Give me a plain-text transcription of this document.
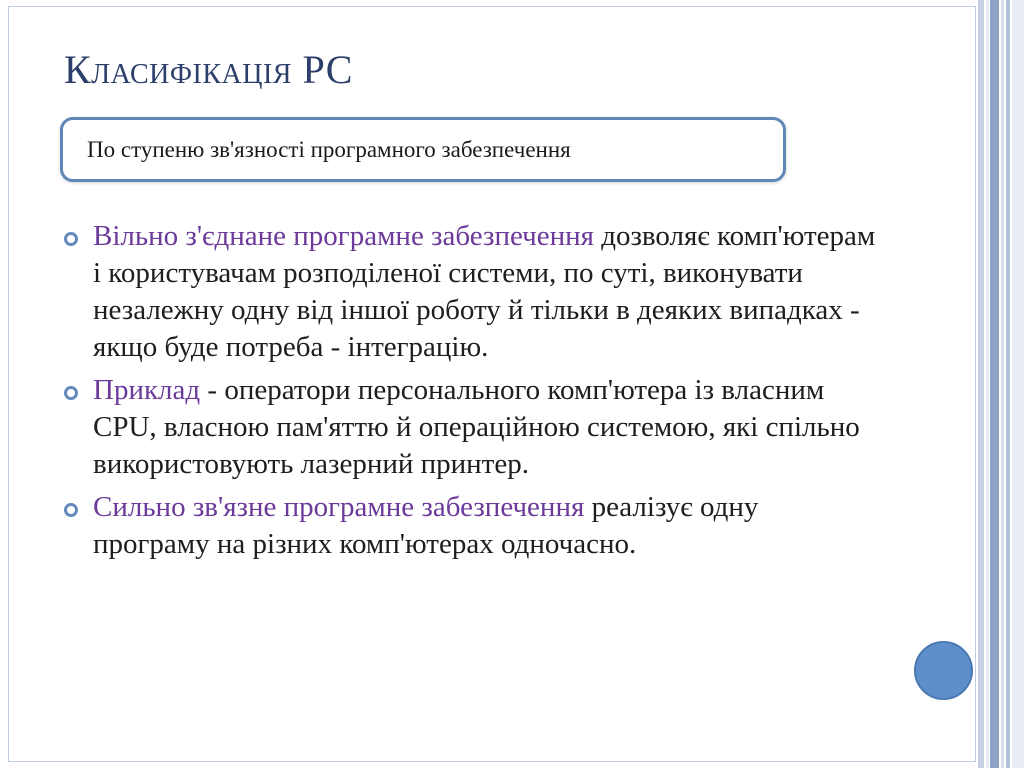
Класифікація РС
По ступеню зв'язності програмного забезпечення
Вільно з'єднане програмне забезпечення дозволяє комп'ютерам і користувачам розподіленої системи, по суті, виконувати незалежну одну від іншої роботу й тільки в деяких випадках - якщо буде потреба - інтеграцію.
Приклад - оператори персонального комп'ютера із власним CPU, власною пам'яттю й операційною системою, які спільно використовують лазерний принтер.
Сильно зв'язне програмне забезпечення реалізує одну програму на різних комп'ютерах одночасно.
